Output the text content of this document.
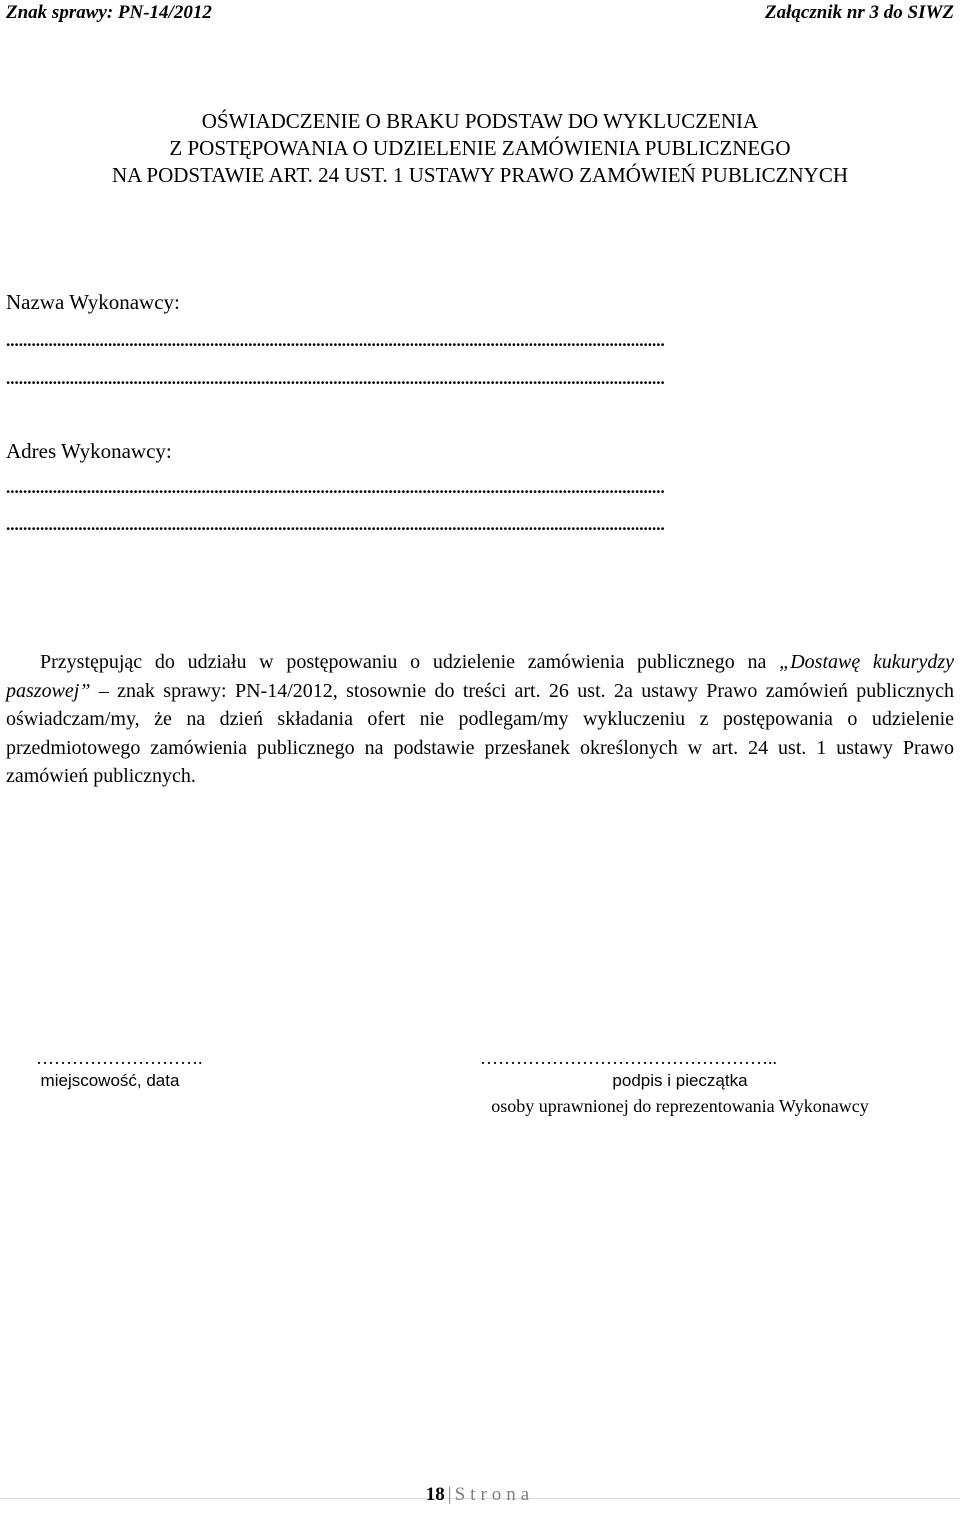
Znak sprawy: PN-14/2012	Załącznik nr 3 do SIWZ
OŚWIADCZENIE O BRAKU PODSTAW DO WYKLUCZENIA
Z POSTĘPOWANIA O UDZIELENIE ZAMÓWIENIA PUBLICZNEGO
NA PODSTAWIE ART. 24 UST. 1 USTAWY PRAWO ZAMÓWIEŃ PUBLICZNYCH
Nazwa Wykonawcy:
...........................................................................................................................................................
...........................................................................................................................................................
Adres Wykonawcy:
...........................................................................................................................................................
...........................................................................................................................................................

Przystępując do udziału w postępowaniu o udzielenie zamówienia publicznego na „Dostawę kukurydzy paszowej” – znak sprawy: PN-14/2012, stosownie do treści art. 26 ust. 2a ustawy Prawo zamówień publicznych oświadczam/my, że na dzień składania ofert nie podlegam/my wykluczeniu z postępowania o udzielenie przedmiotowego zamówienia publicznego na podstawie przesłanek określonych w art. 24 ust. 1 ustawy Prawo zamówień publicznych.

……………………….
miejscowość, data
…………………………………………..
podpis i pieczątka
osoby uprawnionej do reprezentowania Wykonawcy
18 | Strona
